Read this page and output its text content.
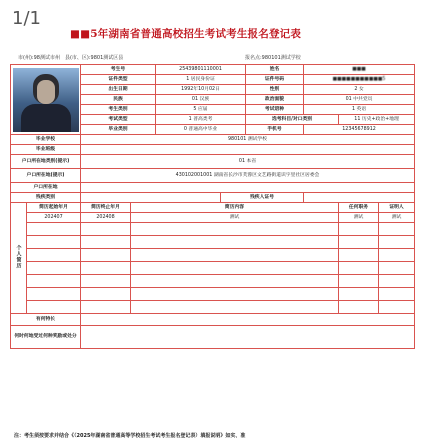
1/1
■■5年湖南省普通高校招生考试考生报名登记表
市(州):98测试市州　县(市、区):9801测试区县	报名点:980101测试学校
	考生号	25439801110001		姓名	■■■	
	证件类型	1 居民身份证		证件号码	■■■■■■■■■■■5	
	出生日期	1992年10月02日		性别	2 女	
	民族	01 汉族		政治面貌	01 中共党员	
	考生类别	5 应届		考试语种	1 英语	
	考试类型	1 普高类考		选考科目/对口类别		11 历史+政治+地理
	毕业类别	0 普通高中毕业		手机号	12345678912	
毕业学校	980101 测试学校					
毕业班级						
户口所在地类别(提示)	01 本省					
户口所在地(提示)	430102001001 湖南省长沙市芙蓉区文艺路街道识字里社区居委会					
户口所在地						
残疾类别			残疾人证号			
个人简历	简历起始年月	简历终止年月	简历内容	任何职务	证明人
	202407	202408	测试	测试	测试

有何特长	
何时何地受过何种奖励或处分	
注：考生须按要求并结合《（2025年湖南省普通高等学校招生考试考生报名登记表）填报说明》如实、准
